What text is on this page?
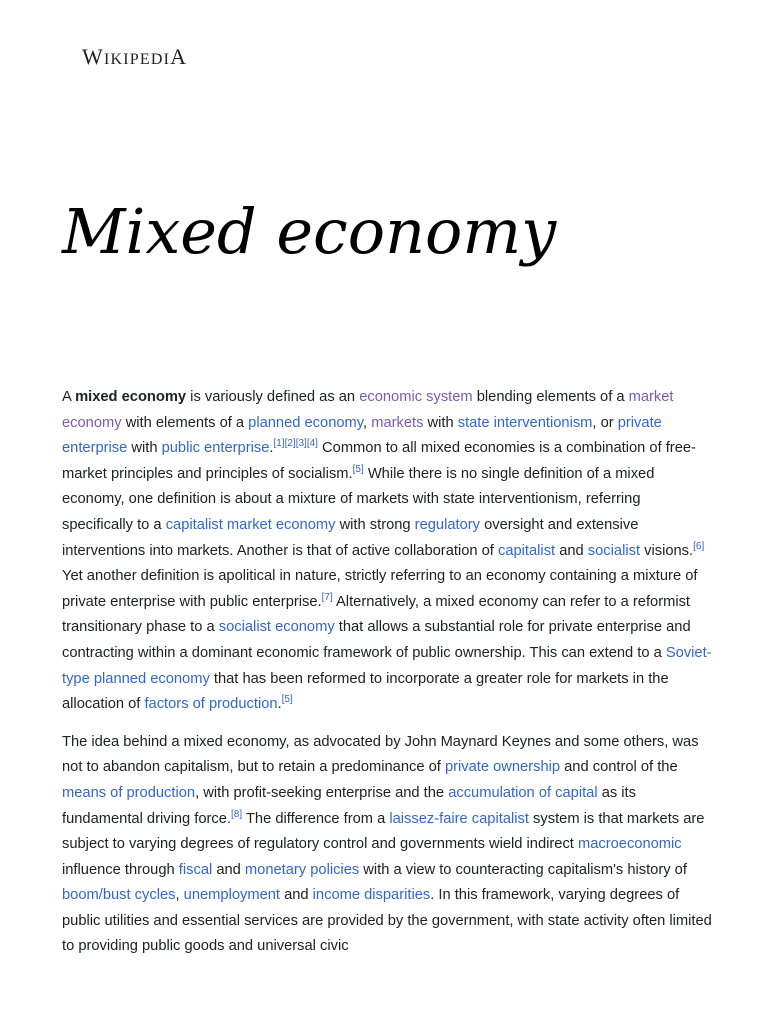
WIKIPEDIA
Mixed economy

A mixed economy is variously defined as an economic system blending elements of a market economy with elements of a planned economy, markets with state interventionism, or private enterprise with public enterprise.[1][2][3][4] Common to all mixed economies is a combination of free-market principles and principles of socialism.[5] While there is no single definition of a mixed economy, one definition is about a mixture of markets with state interventionism, referring specifically to a capitalist market economy with strong regulatory oversight and extensive interventions into markets. Another is that of active collaboration of capitalist and socialist visions.[6] Yet another definition is apolitical in nature, strictly referring to an economy containing a mixture of private enterprise with public enterprise.[7] Alternatively, a mixed economy can refer to a reformist transitionary phase to a socialist economy that allows a substantial role for private enterprise and contracting within a dominant economic framework of public ownership. This can extend to a Soviet-type planned economy that has been reformed to incorporate a greater role for markets in the allocation of factors of production.[5]

The idea behind a mixed economy, as advocated by John Maynard Keynes and some others, was not to abandon capitalism, but to retain a predominance of private ownership and control of the means of production, with profit-seeking enterprise and the accumulation of capital as its fundamental driving force.[8] The difference from a laissez-faire capitalist system is that markets are subject to varying degrees of regulatory control and governments wield indirect macroeconomic influence through fiscal and monetary policies with a view to counteracting capitalism's history of boom/bust cycles, unemployment and income disparities. In this framework, varying degrees of public utilities and essential services are provided by the government, with state activity often limited to providing public goods and universal civic
